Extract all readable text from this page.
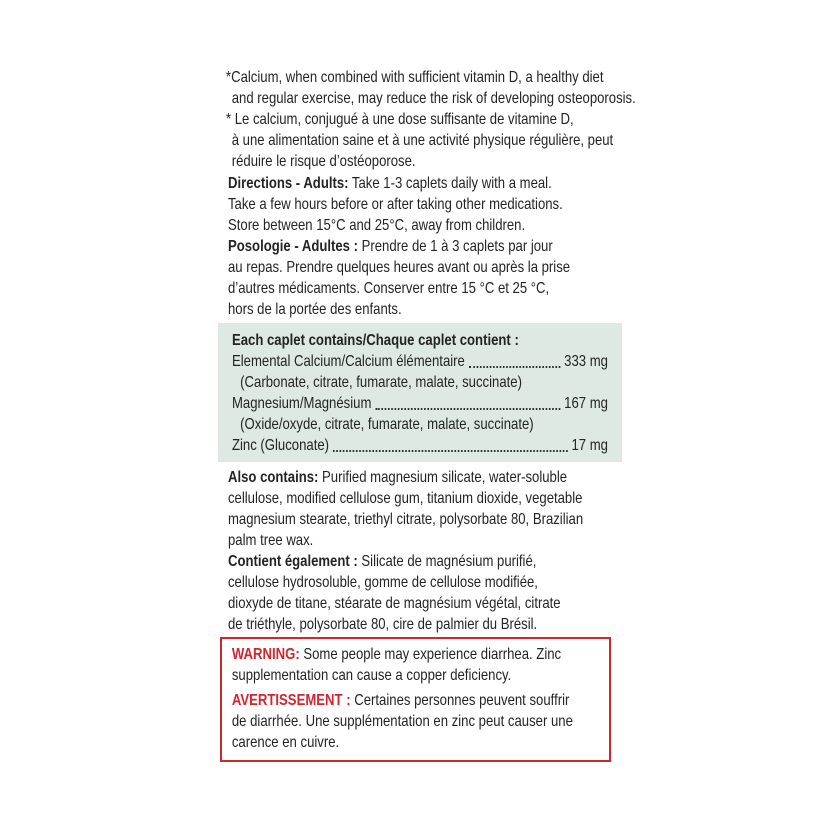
*Calcium, when combined with sufficient vitamin D, a healthy diet
and regular exercise, may reduce the risk of developing osteoporosis.
* Le calcium, conjugué à une dose suffisante de vitamine D,
à une alimentation saine et à une activité physique régulière, peut
réduire le risque d’ostéoporose.
Directions - Adults: Take 1-3 caplets daily with a meal.
Take a few hours before or after taking other medications.
Store between 15°C and 25°C, away from children.
Posologie - Adultes : Prendre de 1 à 3 caplets par jour
au repas. Prendre quelques heures avant ou après la prise
d’autres médicaments. Conserver entre 15 °C et 25 °C,
hors de la portée des enfants.
Each caplet contains/Chaque caplet contient :
Elemental Calcium/Calcium élémentaire	333 mg
(Carbonate, citrate, fumarate, malate, succinate)
Magnesium/Magnésium	167 mg
(Oxide/oxyde, citrate, fumarate, malate, succinate)
Zinc (Gluconate)	17 mg
Also contains: Purified magnesium silicate, water-soluble
cellulose, modified cellulose gum, titanium dioxide, vegetable
magnesium stearate, triethyl citrate, polysorbate 80, Brazilian
palm tree wax.
Contient également : Silicate de magnésium purifié,
cellulose hydrosoluble, gomme de cellulose modifiée,
dioxyde de titane, stéarate de magnésium végétal, citrate
de triéthyle, polysorbate 80, cire de palmier du Brésil.
WARNING: Some people may experience diarrhea. Zinc
supplementation can cause a copper deficiency.
AVERTISSEMENT : Certaines personnes peuvent souffrir
de diarrhée. Une supplémentation en zinc peut causer une
carence en cuivre.
